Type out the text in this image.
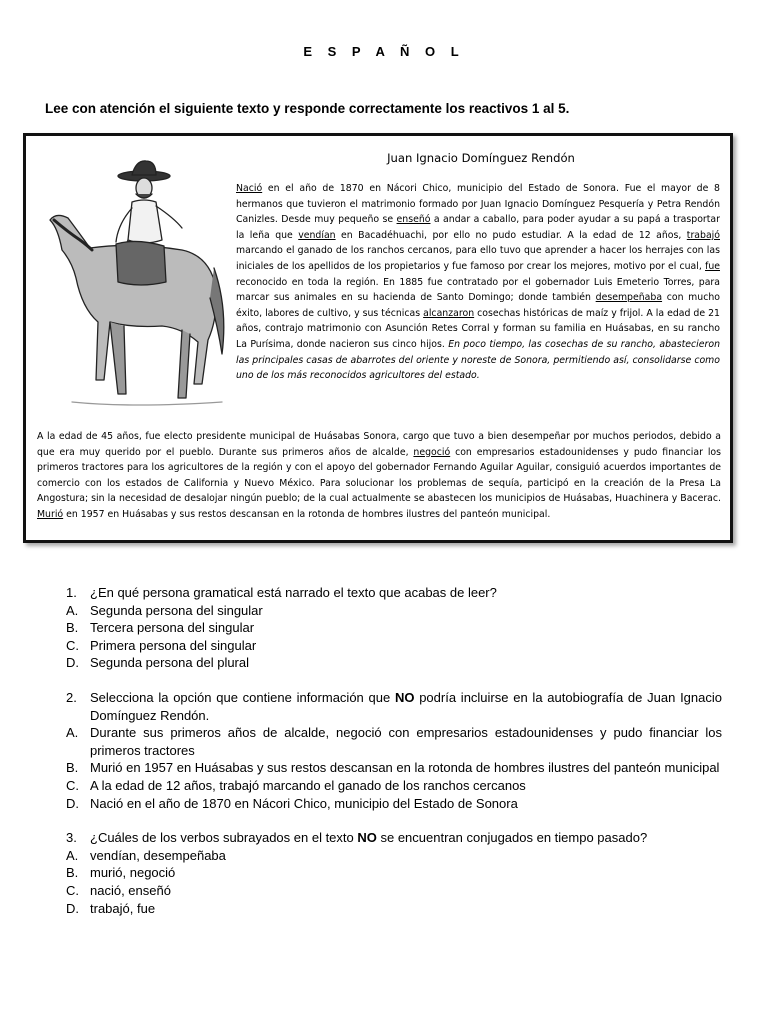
E S P A Ñ O L
Lee con atención el siguiente texto y responde correctamente los reactivos 1 al 5.
Juan Ignacio Domínguez Rendón
Nació en el año de 1870 en Nácori Chico, municipio del Estado de Sonora. Fue el mayor de 8 hermanos que tuvieron el matrimonio formado por Juan Ignacio Domínguez Pesquería y Petra Rendón Canizles. Desde muy pequeño se enseñó a andar a caballo, para poder ayudar a su papá a trasportar la leña que vendían en Bacadéhuachi, por ello no pudo estudiar. A la edad de 12 años, trabajó marcando el ganado de los ranchos cercanos, para ello tuvo que aprender a hacer los herrajes con las iniciales de los apellidos de los propietarios y fue famoso por crear los mejores, motivo por el cual, fue reconocido en toda la región. En 1885 fue contratado por el gobernador Luis Emeterio Torres, para marcar sus animales en su hacienda de Santo Domingo; donde también desempeñaba con mucho éxito, labores de cultivo, y sus técnicas alcanzaron cosechas históricas de maíz y frijol. A la edad de 21 años, contrajo matrimonio con Asunción Retes Corral y forman su familia en Huásabas, en su rancho La Purísima, donde nacieron sus cinco hijos. En poco tiempo, las cosechas de su rancho, abastecieron las principales casas de abarrotes del oriente y noreste de Sonora, permitiendo así, consolidarse como uno de los más reconocidos agricultores del estado.
A la edad de 45 años, fue electo presidente municipal de Huásabas Sonora, cargo que tuvo a bien desempeñar por muchos periodos, debido a que era muy querido por el pueblo. Durante sus primeros años de alcalde, negoció con empresarios estadounidenses y pudo financiar los primeros tractores para los agricultores de la región y con el apoyo del gobernador Fernando Aguilar Aguilar, consiguió acuerdos importantes de comercio con los estados de California y Nuevo México. Para solucionar los problemas de sequía, participó en la creación de la Presa La Angostura; sin la necesidad de desalojar ningún pueblo; de la cual actualmente se abastecen los municipios de Huásabas, Huachinera y Bacerac. Murió en 1957 en Huásabas y sus restos descansan en la rotonda de hombres ilustres del panteón municipal.
1.	¿En qué persona gramatical está narrado el texto que acabas de leer?
A. Segunda persona del singular
B. Tercera persona del singular
C. Primera persona del singular
D. Segunda persona del plural
2.	Selecciona la opción que contiene información que NO podría incluirse en la autobiografía de Juan Ignacio Domínguez Rendón.
A. Durante sus primeros años de alcalde, negoció con empresarios estadounidenses y pudo financiar los primeros tractores
B. Murió en 1957 en Huásabas y sus restos descansan en la rotonda de hombres ilustres del panteón municipal
C. A la edad de 12 años, trabajó marcando el ganado de los ranchos cercanos
D. Nació en el año de 1870 en Nácori Chico, municipio del Estado de Sonora
3.	¿Cuáles de los verbos subrayados en el texto NO se encuentran conjugados en tiempo pasado?
A. vendían, desempeñaba
B. murió, negoció
C. nació, enseñó
D. trabajó, fue
